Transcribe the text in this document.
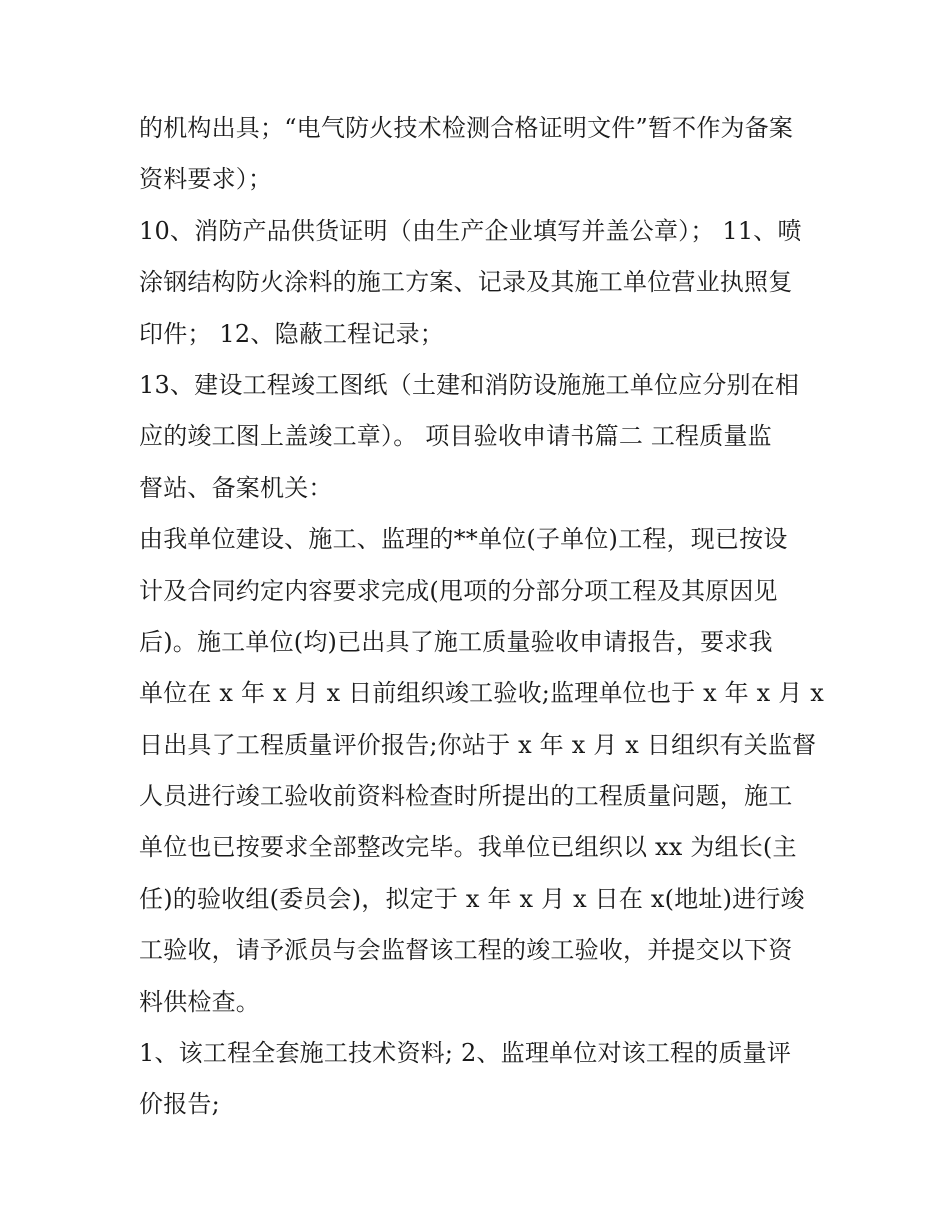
的机构出具；“电气防火技术检测合格证明文件”暂不作为备案
资料要求）；
10、消防产品供货证明（由生产企业填写并盖公章）； 11、喷
涂钢结构防火涂料的施工方案、记录及其施工单位营业执照复
印件； 12、隐蔽工程记录；
13、建设工程竣工图纸（土建和消防设施施工单位应分别在相
应的竣工图上盖竣工章）。 项目验收申请书篇二 工程质量监
督站、备案机关：
由我单位建设、施工、监理的**单位(子单位)工程，现已按设
计及合同约定内容要求完成(甩项的分部分项工程及其原因见
后)。施工单位(均)已出具了施工质量验收申请报告，要求我
单位在 x 年 x 月 x 日前组织竣工验收;监理单位也于 x 年 x 月 x
日出具了工程质量评价报告;你站于 x 年 x 月 x 日组织有关监督
人员进行竣工验收前资料检查时所提出的工程质量问题，施工
单位也已按要求全部整改完毕。我单位已组织以 xx 为组长(主
任)的验收组(委员会)，拟定于 x 年 x 月 x 日在 x(地址)进行竣
工验收，请予派员与会监督该工程的竣工验收，并提交以下资
料供检查。
1、该工程全套施工技术资料; 2、监理单位对该工程的质量评
价报告;
